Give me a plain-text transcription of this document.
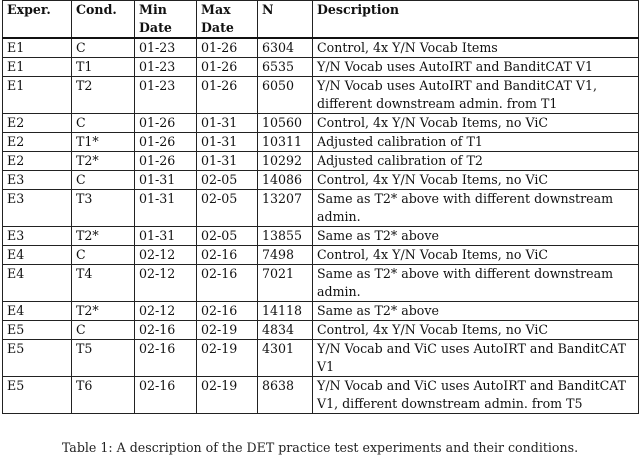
Exper.	Cond.	Min Date	Max Date	N	Description
E1	C	01-23	01-26	6304	Control, 4x Y/N Vocab Items
E1	T1	01-23	01-26	6535	Y/N Vocab uses AutoIRT and BanditCAT V1
E1	T2	01-23	01-26	6050	Y/N Vocab uses AutoIRT and BanditCAT V1, different downstream admin. from T1
E2	C	01-26	01-31	10560	Control, 4x Y/N Vocab Items, no ViC
E2	T1*	01-26	01-31	10311	Adjusted calibration of T1
E2	T2*	01-26	01-31	10292	Adjusted calibration of T2
E3	C	01-31	02-05	14086	Control, 4x Y/N Vocab Items, no ViC
E3	T3	01-31	02-05	13207	Same as T2* above with different downstream admin.
E3	T2*	01-31	02-05	13855	Same as T2* above
E4	C	02-12	02-16	7498	Control, 4x Y/N Vocab Items, no ViC
E4	T4	02-12	02-16	7021	Same as T2* above with different downstream admin.
E4	T2*	02-12	02-16	14118	Same as T2* above
E5	C	02-16	02-19	4834	Control, 4x Y/N Vocab Items, no ViC
E5	T5	02-16	02-19	4301	Y/N Vocab and ViC uses AutoIRT and BanditCAT V1
E5	T6	02-16	02-19	8638	Y/N Vocab and ViC uses AutoIRT and BanditCAT V1, different downstream admin. from T5
Table 1: A description of the DET practice test experiments and their conditions.
